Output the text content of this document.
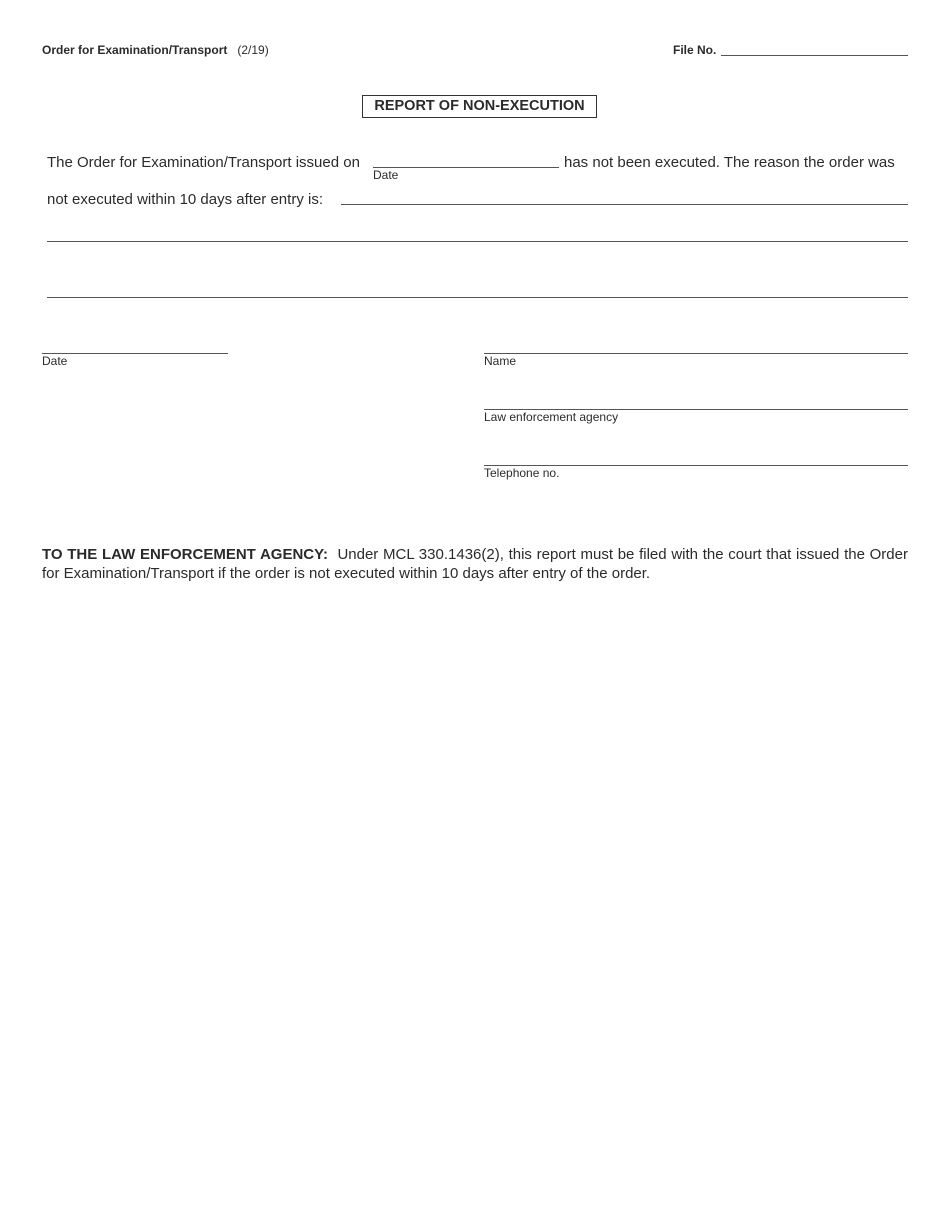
Order for Examination/Transport (2/19)	File No.
REPORT OF NON-EXECUTION
The Order for Examination/Transport issued on
Date
has not been executed. The reason the order was
not executed within 10 days after entry is:
Date	Name
Law enforcement agency
Telephone no.
TO THE LAW ENFORCEMENT AGENCY: Under MCL 330.1436(2), this report must be filed with the court that issued the Order for Examination/Transport if the order is not executed within 10 days after entry of the order.
